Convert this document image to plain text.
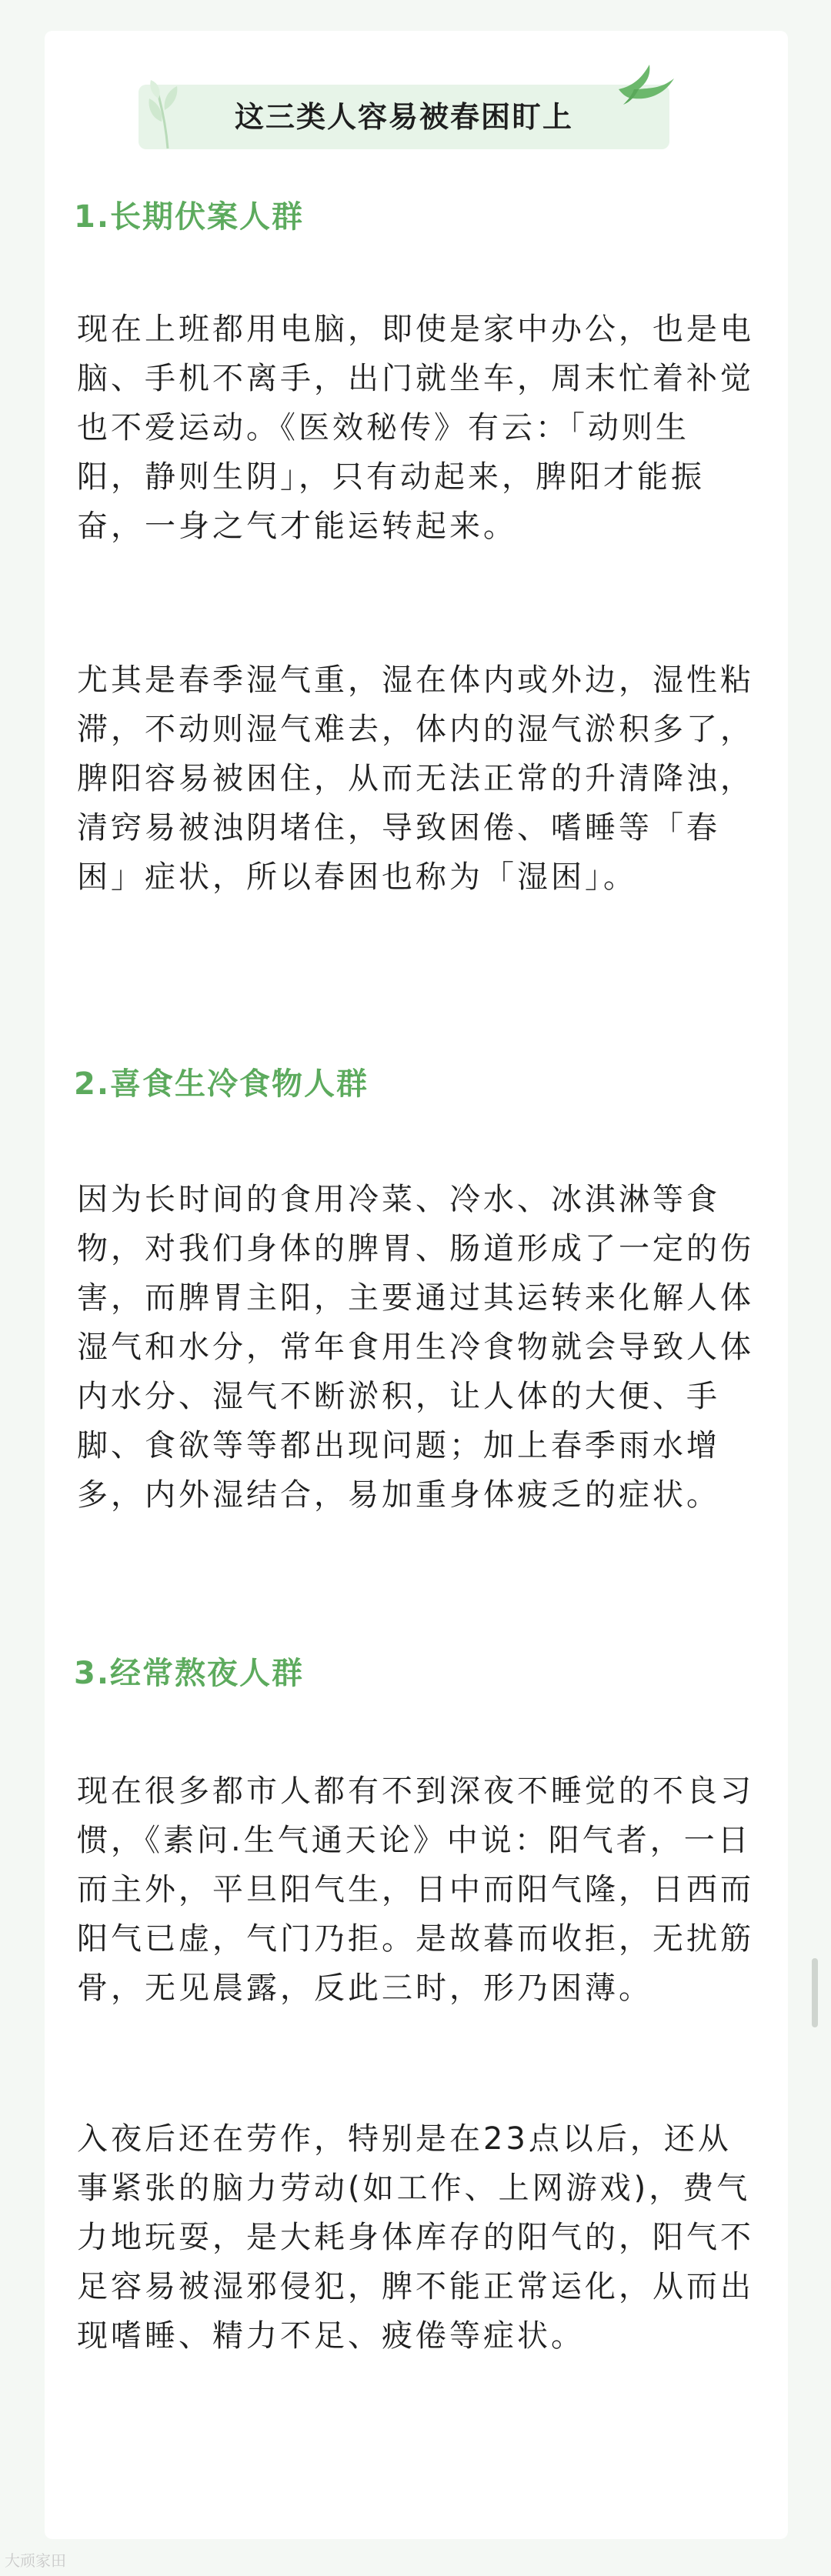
这三类人容易被春困盯上
1.长期伏案人群

现在上班都用电脑，即使是家中办公，也是电脑、手机不离手，出门就坐车，周末忙着补觉也不爱运动。《医效秘传》有云：「动则生阳，静则生阴」，只有动起来，脾阳才能振奋，一身之气才能运转起来。

尤其是春季湿气重，湿在体内或外边，湿性粘滞，不动则湿气难去，体内的湿气淤积多了，脾阳容易被困住，从而无法正常的升清降浊，清窍易被浊阴堵住，导致困倦、嗜睡等「春困」症状，所以春困也称为「湿困」。

2.喜食生冷食物人群

因为长时间的食用冷菜、冷水、冰淇淋等食物，对我们身体的脾胃、肠道形成了一定的伤害，而脾胃主阳，主要通过其运转来化解人体湿气和水分，常年食用生冷食物就会导致人体内水分、湿气不断淤积，让人体的大便、手脚、食欲等等都出现问题；加上春季雨水增多，内外湿结合，易加重身体疲乏的症状。

3.经常熬夜人群

现在很多都市人都有不到深夜不睡觉的不良习惯，《素问.生气通天论》中说：阳气者，一日而主外，平旦阳气生，日中而阳气隆，日西而阳气已虚，气门乃拒。是故暮而收拒，无扰筋骨，无见晨露，反此三时，形乃困薄。

入夜后还在劳作，特别是在23点以后，还从事紧张的脑力劳动(如工作、上网游戏)，费气力地玩耍，是大耗身体库存的阳气的，阳气不足容易被湿邪侵犯，脾不能正常运化，从而出现嗜睡、精力不足、疲倦等症状。

大顽家田
